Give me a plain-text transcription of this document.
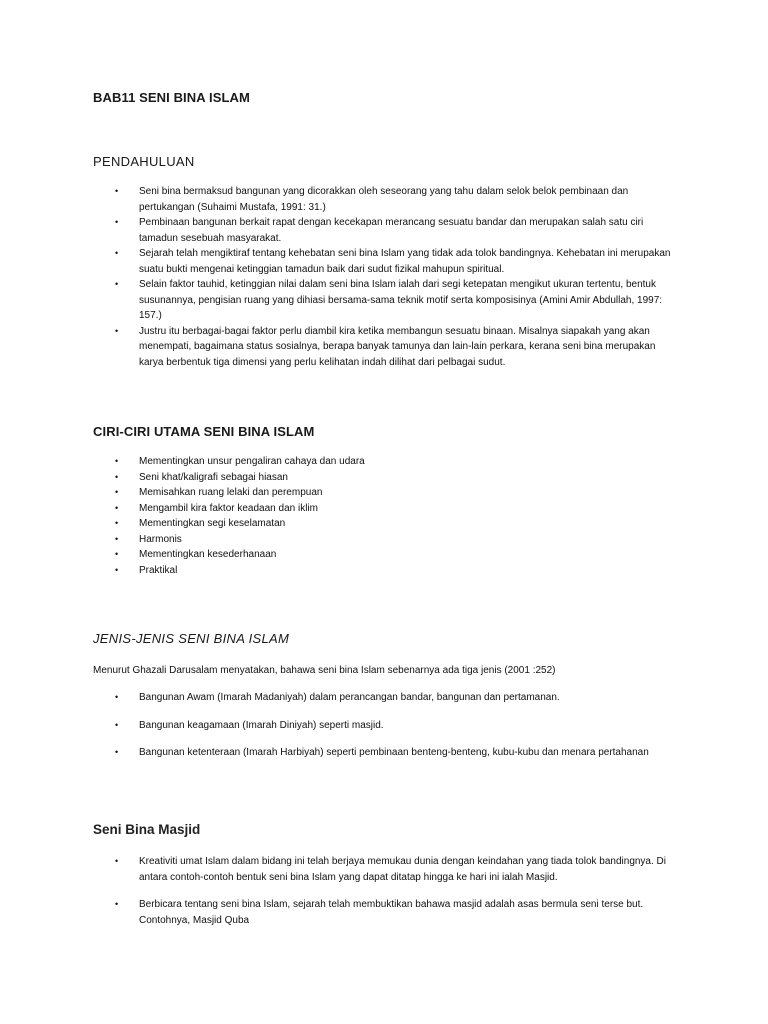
BAB11 SENI BINA ISLAM
PENDAHULUAN
• Seni bina bermaksud bangunan yang dicorakkan oleh seseorang yang tahu dalam selok belok pembinaan dan pertukangan (Suhaimi Mustafa, 1991: 31.)
• Pembinaan bangunan berkait rapat dengan kecekapan merancang sesuatu bandar dan merupakan salah satu ciri tamadun sesebuah masyarakat.
• Sejarah telah mengiktiraf tentang kehebatan seni bina Islam yang tidak ada tolok bandingnya. Kehebatan ini merupakan suatu bukti mengenai ketinggian tamadun baik dari sudut fizikal mahupun spiritual.
• Selain faktor tauhid, ketinggian nilai dalam seni bina Islam ialah dari segi ketepatan mengikut ukuran tertentu, bentuk susunannya, pengisian ruang yang dihiasi bersama-sama teknik motif serta komposisinya (Amini Amir Abdullah, 1997: 157.)
• Justru itu berbagai-bagai faktor perlu diambil kira ketika membangun sesuatu binaan. Misalnya siapakah yang akan menempati, bagaimana status sosialnya, berapa banyak tamunya dan lain-lain perkara, kerana seni bina merupakan karya berbentuk tiga dimensi yang perlu kelihatan indah dilihat dari pelbagai sudut.
CIRI-CIRI UTAMA SENI BINA ISLAM
• Mementingkan unsur pengaliran cahaya dan udara
• Seni khat/kaligrafi sebagai hiasan
• Memisahkan ruang lelaki dan perempuan
• Mengambil kira faktor keadaan dan iklim
• Mementingkan segi keselamatan
• Harmonis
• Mementingkan kesederhanaan
• Praktikal
JENIS-JENIS SENI BINA ISLAM

Menurut Ghazali Darusalam menyatakan, bahawa seni bina Islam sebenarnya ada tiga jenis (2001 :252)

• Bangunan Awam (Imarah Madaniyah) dalam perancangan bandar, bangunan dan pertamanan.
• Bangunan keagamaan (Imarah Diniyah) seperti masjid.
• Bangunan ketenteraan (Imarah Harbiyah) seperti pembinaan benteng-benteng, kubu-kubu dan menara pertahanan
Seni Bina Masjid
• Kreativiti umat Islam dalam bidang ini telah berjaya memukau dunia dengan keindahan yang tiada tolok bandingnya. Di antara contoh-contoh bentuk seni bina Islam yang dapat ditatap hingga ke hari ini ialah Masjid.
• Berbicara tentang seni bina Islam, sejarah telah membuktikan bahawa masjid adalah asas bermula seni terse but. Contohnya, Masjid Quba
